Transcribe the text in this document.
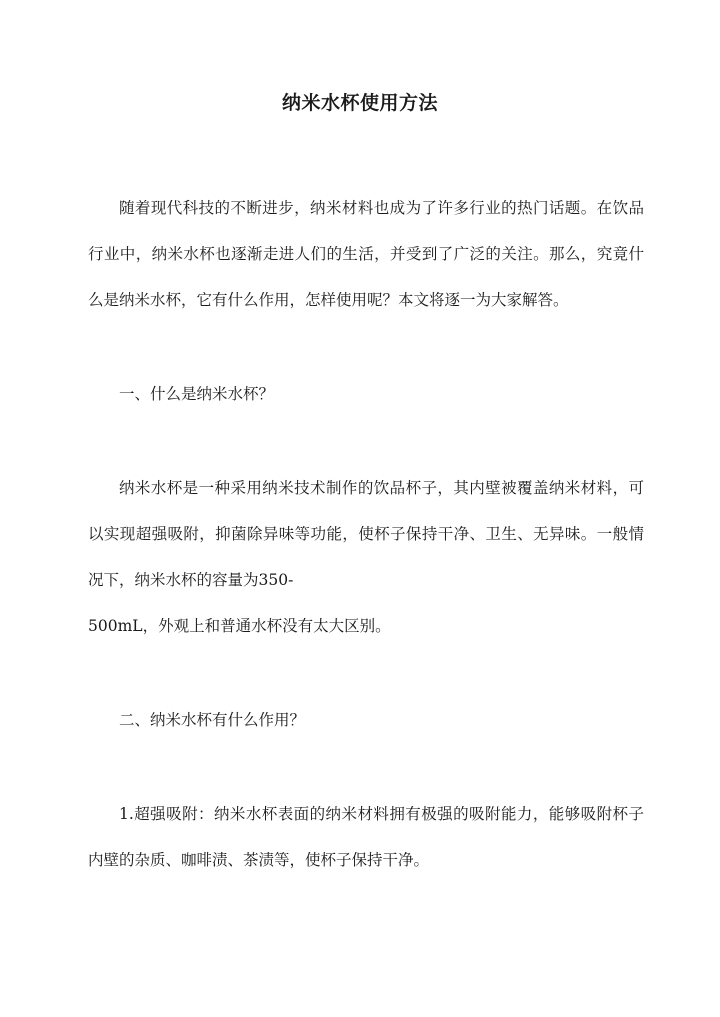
纳米水杯使用方法

随着现代科技的不断进步，纳米材料也成为了许多行业的热门话题。在饮品行业中，纳米水杯也逐渐走进人们的生活，并受到了广泛的关注。那么，究竟什么是纳米水杯，它有什么作用，怎样使用呢？本文将逐一为大家解答。

一、什么是纳米水杯？

纳米水杯是一种采用纳米技术制作的饮品杯子，其内壁被覆盖纳米材料，可以实现超强吸附，抑菌除异味等功能，使杯子保持干净、卫生、无异味。一般情况下，纳米水杯的容量为350-

500mL，外观上和普通水杯没有太大区别。

二、纳米水杯有什么作用？

1.超强吸附：纳米水杯表面的纳米材料拥有极强的吸附能力，能够吸附杯子内壁的杂质、咖啡渍、茶渍等，使杯子保持干净。
